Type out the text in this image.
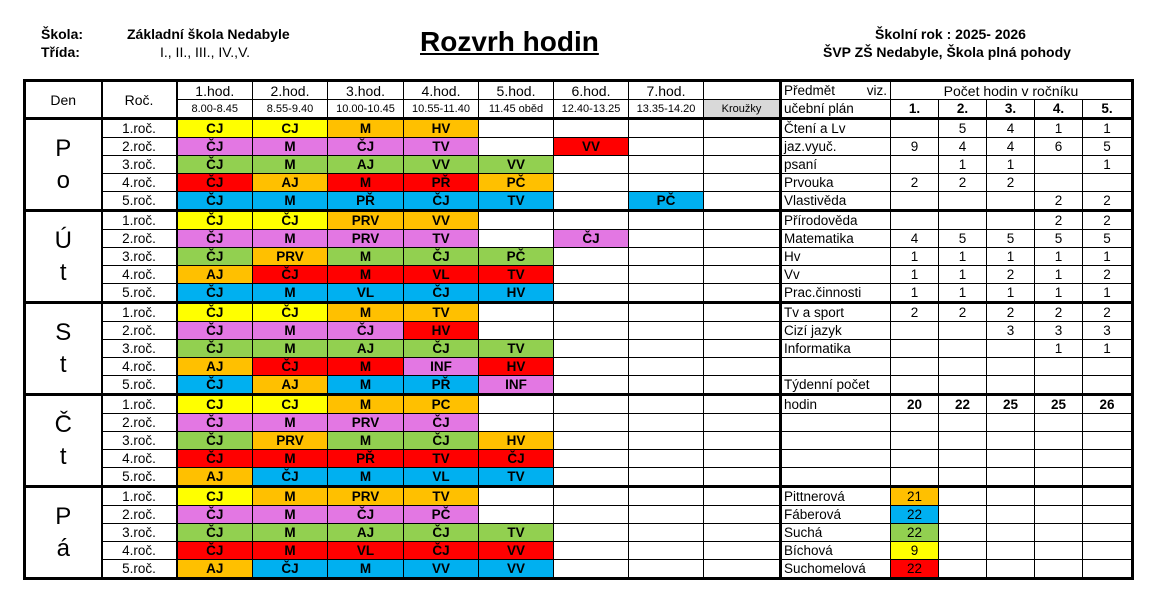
Škola:	Základní škola Nedabyle
Třída:	I., II., III., IV.,V.	Rozvrh hodin	Školní rok : 2025- 2026
ŠVP ZŠ Nedabyle, Škola plná pohody
Den	Roč.	1.hod.	2.hod.	3.hod.	4.hod.	5.hod.	6.hod.	7.hod.		Předmět viz.	Počet hodin v ročníku				
		8.00-8.45	8.55-9.40	10.00-10.45	10.55-11.40	11.45 oběd	12.40-13.25	13.35-14.20	Kroužky	učební plán	1.	2.	3.	4.	5.

P
o	1.roč.	CJ	CJ	M	HV					Čtení a Lv		5	4	1	1
	2.roč.	ČJ	M	ČJ	TV		VV			jaz.vyuč.	9	4	4	6	5
	3.roč.	ČJ	M	AJ	VV	VV				psaní		1	1		1
	4.roč.	ČJ	AJ	M	PŘ	PČ				Prvouka	2	2	2		
	5.roč.	ČJ	M	PŘ	ČJ	TV		PČ		Vlastivěda				2	2

Ú
t	1.roč.	ČJ	ČJ	PRV	VV					Přírodověda				2	2
	2.roč.	ČJ	M	PRV	TV		ČJ			Matematika	4	5	5	5	5
	3.roč.	ČJ	PRV	M	ČJ	PČ				Hv	1	1	1	1	1
	4.roč.	AJ	ČJ	M	VL	TV				Vv	1	1	2	1	2
	5.roč.	ČJ	M	VL	ČJ	HV				Prac.činnosti	1	1	1	1	1

S
t	1.roč.	ČJ	ČJ	M	TV					Tv a sport	2	2	2	2	2
	2.roč.	ČJ	M	ČJ	HV					Cizí jazyk			3	3	3
	3.roč.	ČJ	M	AJ	ČJ	TV				Informatika				1	1
	4.roč.	AJ	ČJ	M	INF	HV									
	5.roč.	ČJ	AJ	M	PŘ	INF				Týdenní počet					

Č
t	1.roč.	CJ	CJ	M	PC					hodin	20	22	25	25	26
	2.roč.	ČJ	M	PRV	ČJ										
	3.roč.	ČJ	PRV	M	ČJ	HV									
	4.roč.	ČJ	M	PŘ	TV	ČJ									
	5.roč.	AJ	ČJ	M	VL	TV									

P
á	1.roč.	CJ	M	PRV	TV					Pittnerová	21				
	2.roč.	ČJ	M	ČJ	PČ					Fáberová	22				
	3.roč.	ČJ	M	AJ	ČJ	TV				Suchá	22				
	4.roč.	ČJ	M	VL	ČJ	VV				Bíchová	9				
	5.roč.	AJ	ČJ	M	VV	VV				Suchomelová	22				
